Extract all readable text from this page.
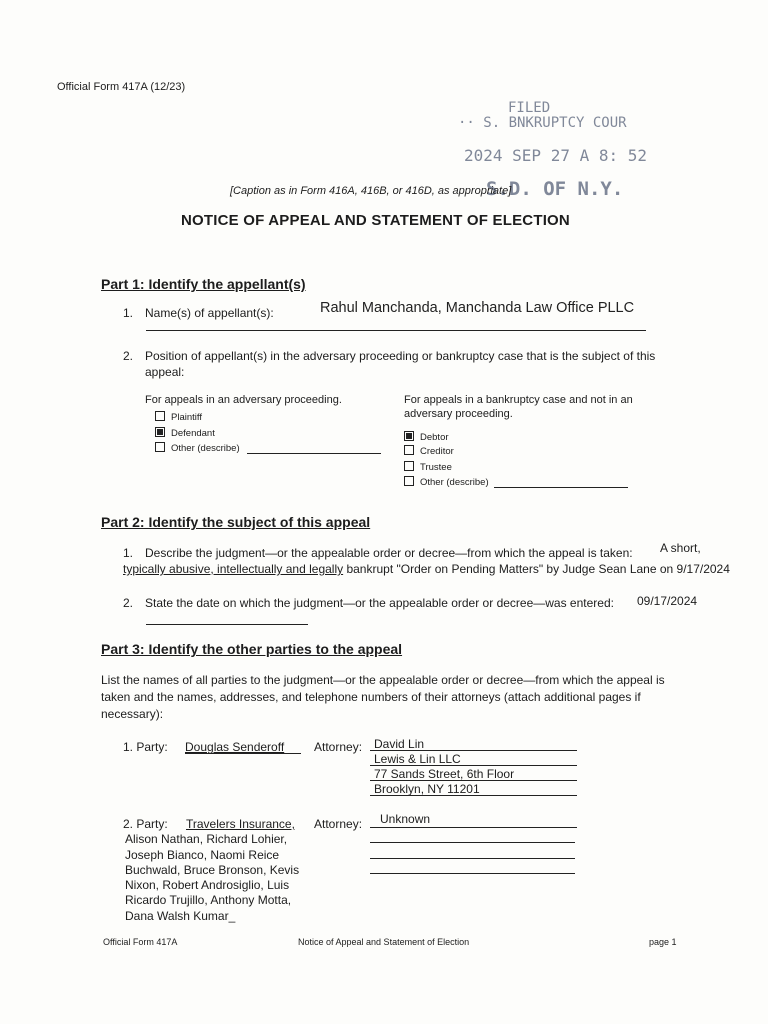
Official Form 417A (12/23)
FILED
·· S. BNKRUPTCY COUR
2024 SEP 27 A 8: 52
S.D. OF N.Y.
[Caption as in Form 416A, 416B, or 416D, as appropriate]
NOTICE OF APPEAL AND STATEMENT OF ELECTION
Part 1: Identify the appellant(s)
1. Name(s) of appellant(s):	Rahul Manchanda, Manchanda Law Office PLLC
2. Position of appellant(s) in the adversary proceeding or bankruptcy case that is the subject of this
appeal:
For appeals in an adversary proceeding.
Plaintiff
Defendant
Other (describe)
For appeals in a bankruptcy case and not in an
adversary proceeding.
Debtor
Creditor
Trustee
Other (describe)
Part 2: Identify the subject of this appeal
1. Describe the judgment—or the appealable order or decree—from which the appeal is taken: A short,
typically abusive, intellectually and legally bankrupt "Order on Pending Matters" by Judge Sean Lane on 9/17/2024
2. State the date on which the judgment—or the appealable order or decree—was entered: 09/17/2024
Part 3: Identify the other parties to the appeal
List the names of all parties to the judgment—or the appealable order or decree—from which the appeal is
taken and the names, addresses, and telephone numbers of their attorneys (attach additional pages if
necessary):
1. Party: Douglas Senderoff Attorney: David Lin
Lewis & Lin LLC
77 Sands Street, 6th Floor
Brooklyn, NY 11201
2. Party: Travelers Insurance,
Alison Nathan, Richard Lohier,
Joseph Bianco, Naomi Reice
Buchwald, Bruce Bronson, Kevis
Nixon, Robert Androsiglio, Luis
Ricardo Trujillo, Anthony Motta,
Dana Walsh Kumar_
Attorney: Unknown
Official Form 417A	Notice of Appeal and Statement of Election	page 1
